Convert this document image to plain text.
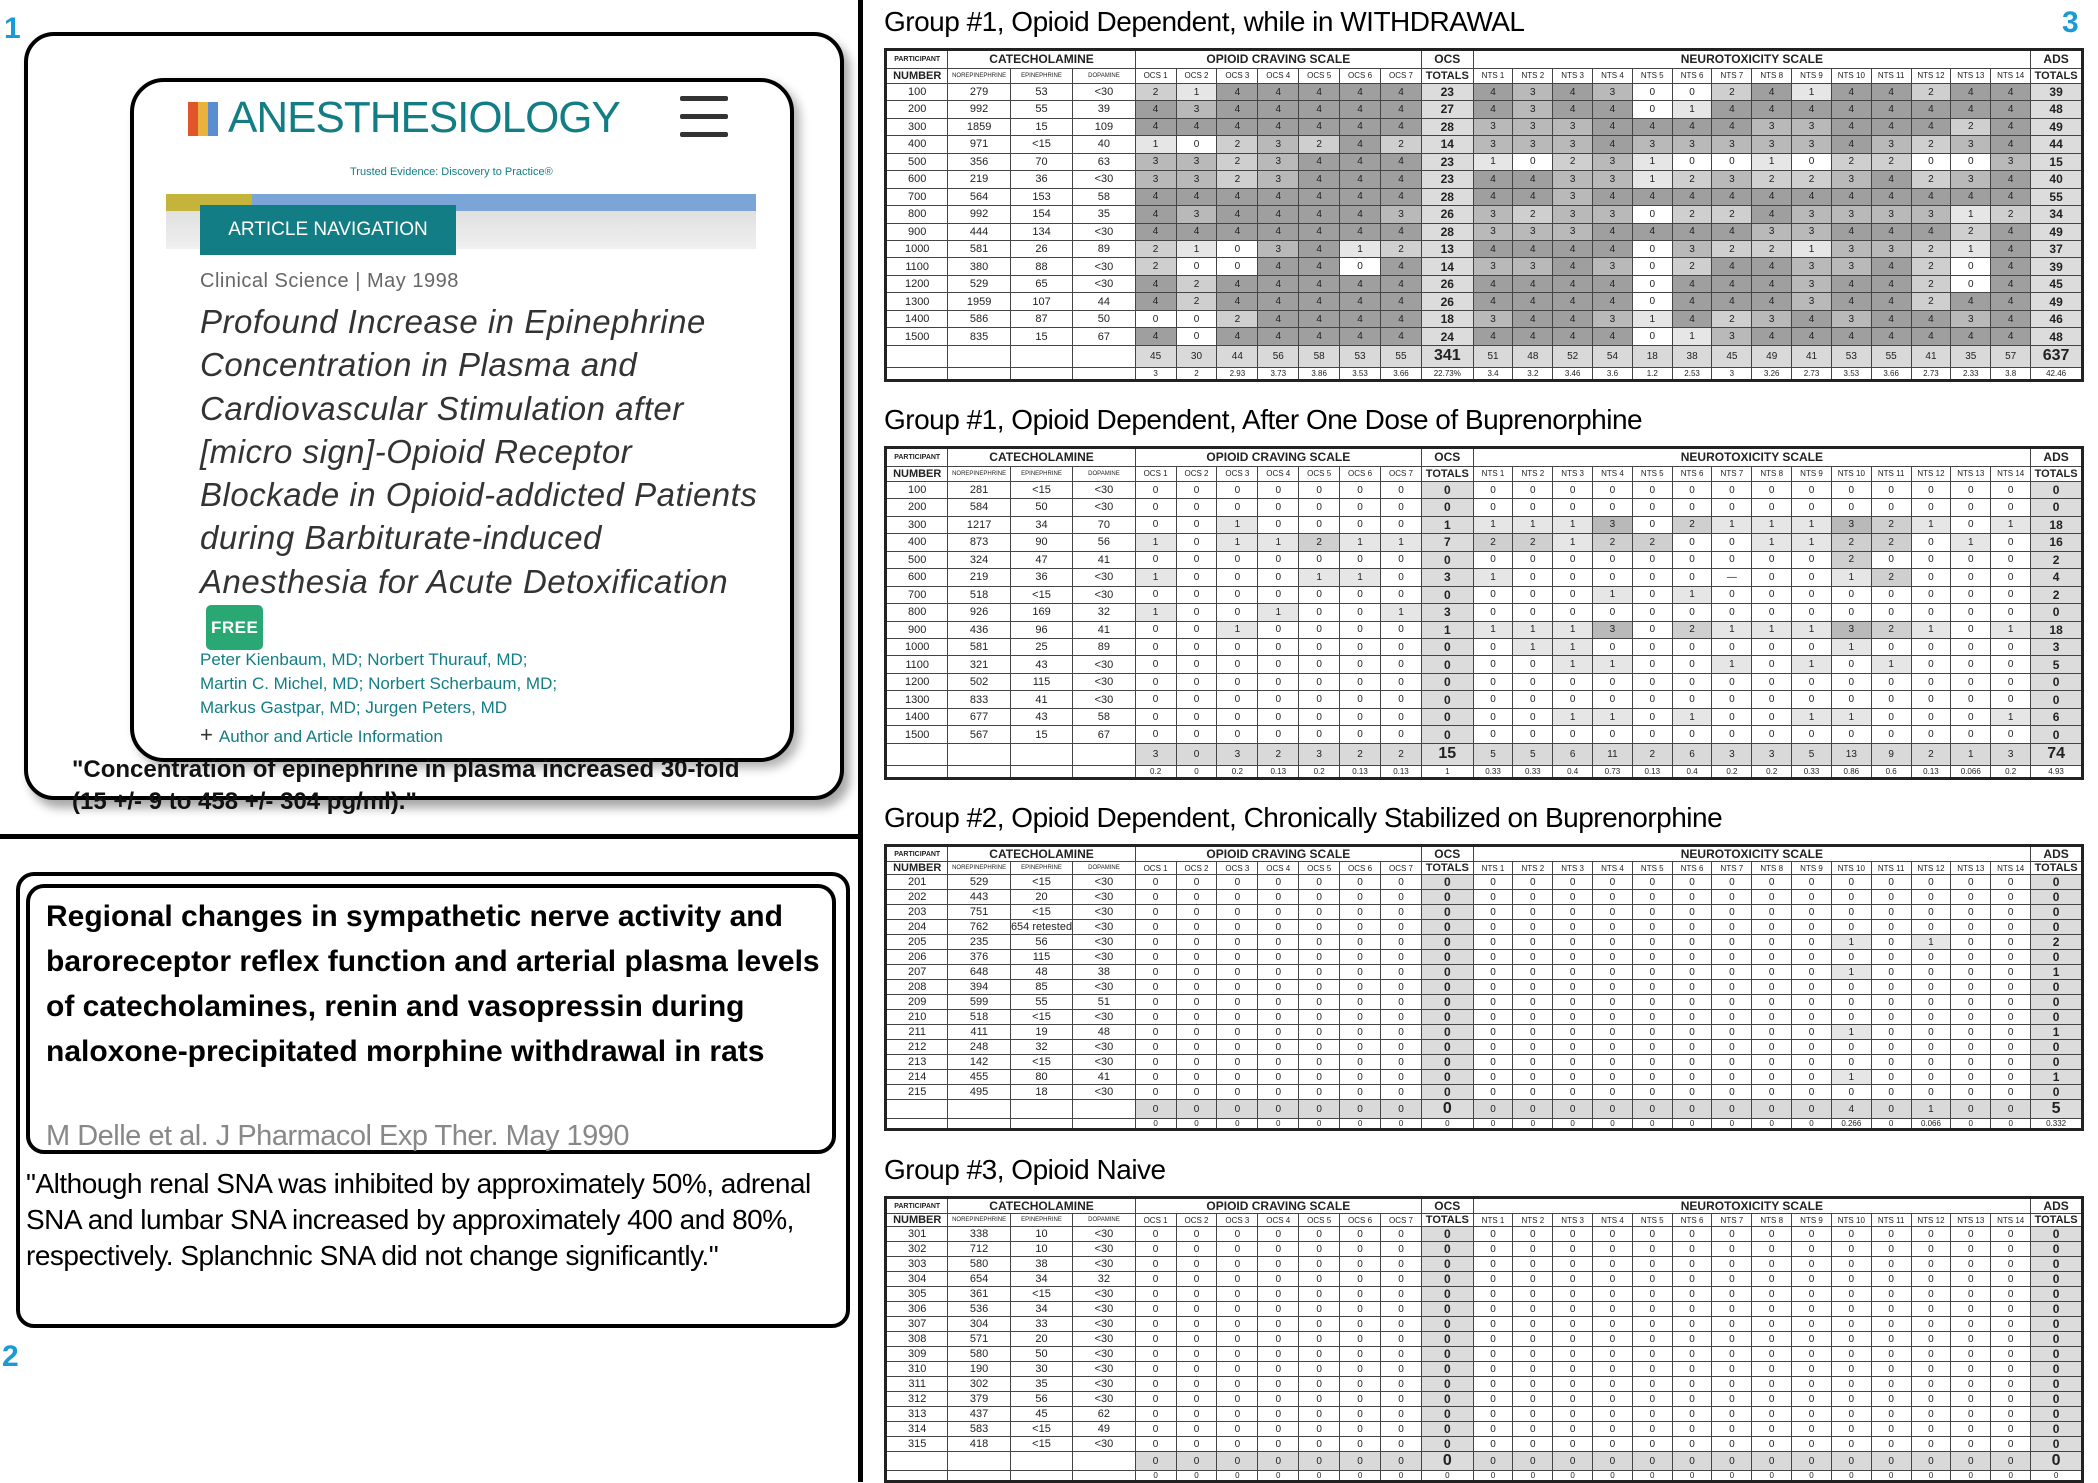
1
2
3
ANESTHESIOLOGY
Trusted Evidence: Discovery to Practice®
ARTICLE NAVIGATION
Clinical Science | May 1998
Profound Increase in Epinephrine Concentration in Plasma and Cardiovascular Stimulation after [micro sign]-Opioid Receptor Blockade in Opioid-addicted Patients during Barbiturate-induced Anesthesia for Acute DetoxificationFREE
Peter Kienbaum, MD; Norbert Thurauf, MD;
Martin C. Michel, MD; Norbert Scherbaum, MD;
Markus Gastpar, MD; Jurgen Peters, MD
+ Author and Article Information
"Concentration of epinephrine in plasma increased 30-fold
(15 +/- 9 to 458 +/- 304 pg/ml)."
Regional changes in sympathetic nerve activity and baroreceptor reflex function and arterial plasma levels of catecholamines, renin and vasopressin during naloxone-precipitated morphine withdrawal in rats
M Delle et al. J Pharmacol Exp Ther. May 1990
"Although renal SNA was inhibited by approximately 50%, adrenal SNA and lumbar SNA increased by approximately 400 and 80%, respectively. Splanchnic SNA did not change significantly."
Group #1, Opioid Dependent, while in WITHDRAWAL
PARTICIPANT	CATECHOLAMINE			OPIOID CRAVING SCALE							OCS	NEUROTOXICITY SCALE														ADS
NUMBER	NOREPINEPHRINE	EPINEPHRINE	DOPAMINE	OCS 1	OCS 2	OCS 3	OCS 4	OCS 5	OCS 6	OCS 7	TOTALS	NTS 1	NTS 2	NTS 3	NTS 4	NTS 5	NTS 6	NTS 7	NTS 8	NTS 9	NTS 10	NTS 11	NTS 12	NTS 13	NTS 14	TOTALS
100	279	53	<30	2	1	4	4	4	4	4	23	4	3	4	3	0	0	2	4	1	4	4	2	4	4	39
200	992	55	39	4	3	4	4	4	4	4	27	4	3	4	4	0	1	4	4	4	4	4	4	4	4	48
300	1859	15	109	4	4	4	4	4	4	4	28	3	3	3	4	4	4	4	3	3	4	4	4	2	4	49
400	971	<15	40	1	0	2	3	2	4	2	14	3	3	3	4	3	3	3	3	3	4	3	2	3	4	44
500	356	70	63	3	3	2	3	4	4	4	23	1	0	2	3	1	0	0	1	0	2	2	0	0	3	15
600	219	36	<30	3	3	2	3	4	4	4	23	4	4	3	3	1	2	3	2	2	3	4	2	3	4	40
700	564	153	58	4	4	4	4	4	4	4	28	4	4	3	4	4	4	4	4	4	4	4	4	4	4	55
800	992	154	35	4	3	4	4	4	4	3	26	3	2	3	3	0	2	2	4	3	3	3	3	1	2	34
900	444	134	<30	4	4	4	4	4	4	4	28	3	3	3	4	4	4	4	3	3	4	4	4	2	4	49
1000	581	26	89	2	1	0	3	4	1	2	13	4	4	4	4	0	3	2	2	1	3	3	2	1	4	37
1100	380	88	<30	2	0	0	4	4	0	4	14	3	3	4	3	0	2	4	4	3	3	4	2	0	4	39
1200	529	65	<30	4	2	4	4	4	4	4	26	4	4	4	4	0	4	4	4	3	4	4	2	0	4	45
1300	1959	107	44	4	2	4	4	4	4	4	26	4	4	4	4	0	4	4	4	3	4	4	2	4	4	49
1400	586	87	50	0	0	2	4	4	4	4	18	3	4	4	3	1	4	2	3	4	3	4	4	3	4	46
1500	835	15	67	4	0	4	4	4	4	4	24	4	4	4	4	0	1	3	4	4	4	4	4	4	4	48
				45	30	44	56	58	53	55	341	51	48	52	54	18	38	45	49	41	53	55	41	35	57	637
				3	2	2.93	3.73	3.86	3.53	3.66	22.73%	3.4	3.2	3.46	3.6	1.2	2.53	3	3.26	2.73	3.53	3.66	2.73	2.33	3.8	42.46
Group #1, Opioid Dependent, After One Dose of Buprenorphine
PARTICIPANT	CATECHOLAMINE			OPIOID CRAVING SCALE							OCS	NEUROTOXICITY SCALE														ADS
NUMBER	NOREPINEPHRINE	EPINEPHRINE	DOPAMINE	OCS 1	OCS 2	OCS 3	OCS 4	OCS 5	OCS 6	OCS 7	TOTALS	NTS 1	NTS 2	NTS 3	NTS 4	NTS 5	NTS 6	NTS 7	NTS 8	NTS 9	NTS 10	NTS 11	NTS 12	NTS 13	NTS 14	TOTALS
100	281	<15	<30	0	0	0	0	0	0	0	0	0	0	0	0	0	0	0	0	0	0	0	0	0	0	0
200	584	50	<30	0	0	0	0	0	0	0	0	0	0	0	0	0	0	0	0	0	0	0	0	0	0	0
300	1217	34	70	0	0	1	0	0	0	0	1	1	1	1	3	0	2	1	1	1	3	2	1	0	1	18
400	873	90	56	1	0	1	1	2	1	1	7	2	2	1	2	2	0	0	1	1	2	2	0	1	0	16
500	324	47	41	0	0	0	0	0	0	0	0	0	0	0	0	0	0	0	0	0	2	0	0	0	0	2
600	219	36	<30	1	0	0	0	1	1	0	3	1	0	0	0	0	0	—	0	0	1	2	0	0	0	4
700	518	<15	<30	0	0	0	0	0	0	0	0	0	0	0	1	0	1	0	0	0	0	0	0	0	0	2
800	926	169	32	1	0	0	1	0	0	1	3	0	0	0	0	0	0	0	0	0	0	0	0	0	0	0
900	436	96	41	0	0	1	0	0	0	0	1	1	1	1	3	0	2	1	1	1	3	2	1	0	1	18
1000	581	25	89	0	0	0	0	0	0	0	0	0	1	1	0	0	0	0	0	0	1	0	0	0	0	3
1100	321	43	<30	0	0	0	0	0	0	0	0	0	0	1	1	0	0	1	0	1	0	1	0	0	0	5
1200	502	115	<30	0	0	0	0	0	0	0	0	0	0	0	0	0	0	0	0	0	0	0	0	0	0	0
1300	833	41	<30	0	0	0	0	0	0	0	0	0	0	0	0	0	0	0	0	0	0	0	0	0	0	0
1400	677	43	58	0	0	0	0	0	0	0	0	0	0	1	1	0	1	0	0	1	1	0	0	0	1	6
1500	567	15	67	0	0	0	0	0	0	0	0	0	0	0	0	0	0	0	0	0	0	0	0	0	0	0
				3	0	3	2	3	2	2	15	5	5	6	11	2	6	3	3	5	13	9	2	1	3	74
				0.2	0	0.2	0.13	0.2	0.13	0.13	1	0.33	0.33	0.4	0.73	0.13	0.4	0.2	0.2	0.33	0.86	0.6	0.13	0.066	0.2	4.93
Group #2, Opioid Dependent, Chronically Stabilized on Buprenorphine
PARTICIPANT	CATECHOLAMINE			OPIOID CRAVING SCALE							OCS	NEUROTOXICITY SCALE														ADS
NUMBER	NOREPINEPHRINE	EPINEPHRINE	DOPAMINE	OCS 1	OCS 2	OCS 3	OCS 4	OCS 5	OCS 6	OCS 7	TOTALS	NTS 1	NTS 2	NTS 3	NTS 4	NTS 5	NTS 6	NTS 7	NTS 8	NTS 9	NTS 10	NTS 11	NTS 12	NTS 13	NTS 14	TOTALS
201	529	<15	<30	0	0	0	0	0	0	0	0	0	0	0	0	0	0	0	0	0	0	0	0	0	0	0
202	443	20	<30	0	0	0	0	0	0	0	0	0	0	0	0	0	0	0	0	0	0	0	0	0	0	0
203	751	<15	<30	0	0	0	0	0	0	0	0	0	0	0	0	0	0	0	0	0	0	0	0	0	0	0
204	762	654 retested	<30	0	0	0	0	0	0	0	0	0	0	0	0	0	0	0	0	0	0	0	0	0	0	0
205	235	56	<30	0	0	0	0	0	0	0	0	0	0	0	0	0	0	0	0	0	1	0	1	0	0	2
206	376	115	<30	0	0	0	0	0	0	0	0	0	0	0	0	0	0	0	0	0	0	0	0	0	0	0
207	648	48	38	0	0	0	0	0	0	0	0	0	0	0	0	0	0	0	0	0	1	0	0	0	0	1
208	394	85	<30	0	0	0	0	0	0	0	0	0	0	0	0	0	0	0	0	0	0	0	0	0	0	0
209	599	55	51	0	0	0	0	0	0	0	0	0	0	0	0	0	0	0	0	0	0	0	0	0	0	0
210	518	<15	<30	0	0	0	0	0	0	0	0	0	0	0	0	0	0	0	0	0	0	0	0	0	0	0
211	411	19	48	0	0	0	0	0	0	0	0	0	0	0	0	0	0	0	0	0	1	0	0	0	0	1
212	248	32	<30	0	0	0	0	0	0	0	0	0	0	0	0	0	0	0	0	0	0	0	0	0	0	0
213	142	<15	<30	0	0	0	0	0	0	0	0	0	0	0	0	0	0	0	0	0	0	0	0	0	0	0
214	455	80	41	0	0	0	0	0	0	0	0	0	0	0	0	0	0	0	0	0	1	0	0	0	0	1
215	495	18	<30	0	0	0	0	0	0	0	0	0	0	0	0	0	0	0	0	0	0	0	0	0	0	0
				0	0	0	0	0	0	0	0	0	0	0	0	0	0	0	0	0	4	0	1	0	0	5
				0	0	0	0	0	0	0	0	0	0	0	0	0	0	0	0	0	0.266	0	0.066	0	0	0.332
Group #3, Opioid Naive
PARTICIPANT	CATECHOLAMINE			OPIOID CRAVING SCALE							OCS	NEUROTOXICITY SCALE														ADS
NUMBER	NOREPINEPHRINE	EPINEPHRINE	DOPAMINE	OCS 1	OCS 2	OCS 3	OCS 4	OCS 5	OCS 6	OCS 7	TOTALS	NTS 1	NTS 2	NTS 3	NTS 4	NTS 5	NTS 6	NTS 7	NTS 8	NTS 9	NTS 10	NTS 11	NTS 12	NTS 13	NTS 14	TOTALS
301	338	10	<30	0	0	0	0	0	0	0	0	0	0	0	0	0	0	0	0	0	0	0	0	0	0	0
302	712	10	<30	0	0	0	0	0	0	0	0	0	0	0	0	0	0	0	0	0	0	0	0	0	0	0
303	580	38	<30	0	0	0	0	0	0	0	0	0	0	0	0	0	0	0	0	0	0	0	0	0	0	0
304	654	34	32	0	0	0	0	0	0	0	0	0	0	0	0	0	0	0	0	0	0	0	0	0	0	0
305	361	<15	<30	0	0	0	0	0	0	0	0	0	0	0	0	0	0	0	0	0	0	0	0	0	0	0
306	536	34	<30	0	0	0	0	0	0	0	0	0	0	0	0	0	0	0	0	0	0	0	0	0	0	0
307	304	33	<30	0	0	0	0	0	0	0	0	0	0	0	0	0	0	0	0	0	0	0	0	0	0	0
308	571	20	<30	0	0	0	0	0	0	0	0	0	0	0	0	0	0	0	0	0	0	0	0	0	0	0
309	580	50	<30	0	0	0	0	0	0	0	0	0	0	0	0	0	0	0	0	0	0	0	0	0	0	0
310	190	30	<30	0	0	0	0	0	0	0	0	0	0	0	0	0	0	0	0	0	0	0	0	0	0	0
311	302	35	<30	0	0	0	0	0	0	0	0	0	0	0	0	0	0	0	0	0	0	0	0	0	0	0
312	379	56	<30	0	0	0	0	0	0	0	0	0	0	0	0	0	0	0	0	0	0	0	0	0	0	0
313	437	45	62	0	0	0	0	0	0	0	0	0	0	0	0	0	0	0	0	0	0	0	0	0	0	0
314	583	<15	49	0	0	0	0	0	0	0	0	0	0	0	0	0	0	0	0	0	0	0	0	0	0	0
315	418	<15	<30	0	0	0	0	0	0	0	0	0	0	0	0	0	0	0	0	0	0	0	0	0	0	0
				0	0	0	0	0	0	0	0	0	0	0	0	0	0	0	0	0	0	0	0	0	0	0
				0	0	0	0	0	0	0	0	0	0	0	0	0	0	0	0	0	0	0	0	0	0	0
